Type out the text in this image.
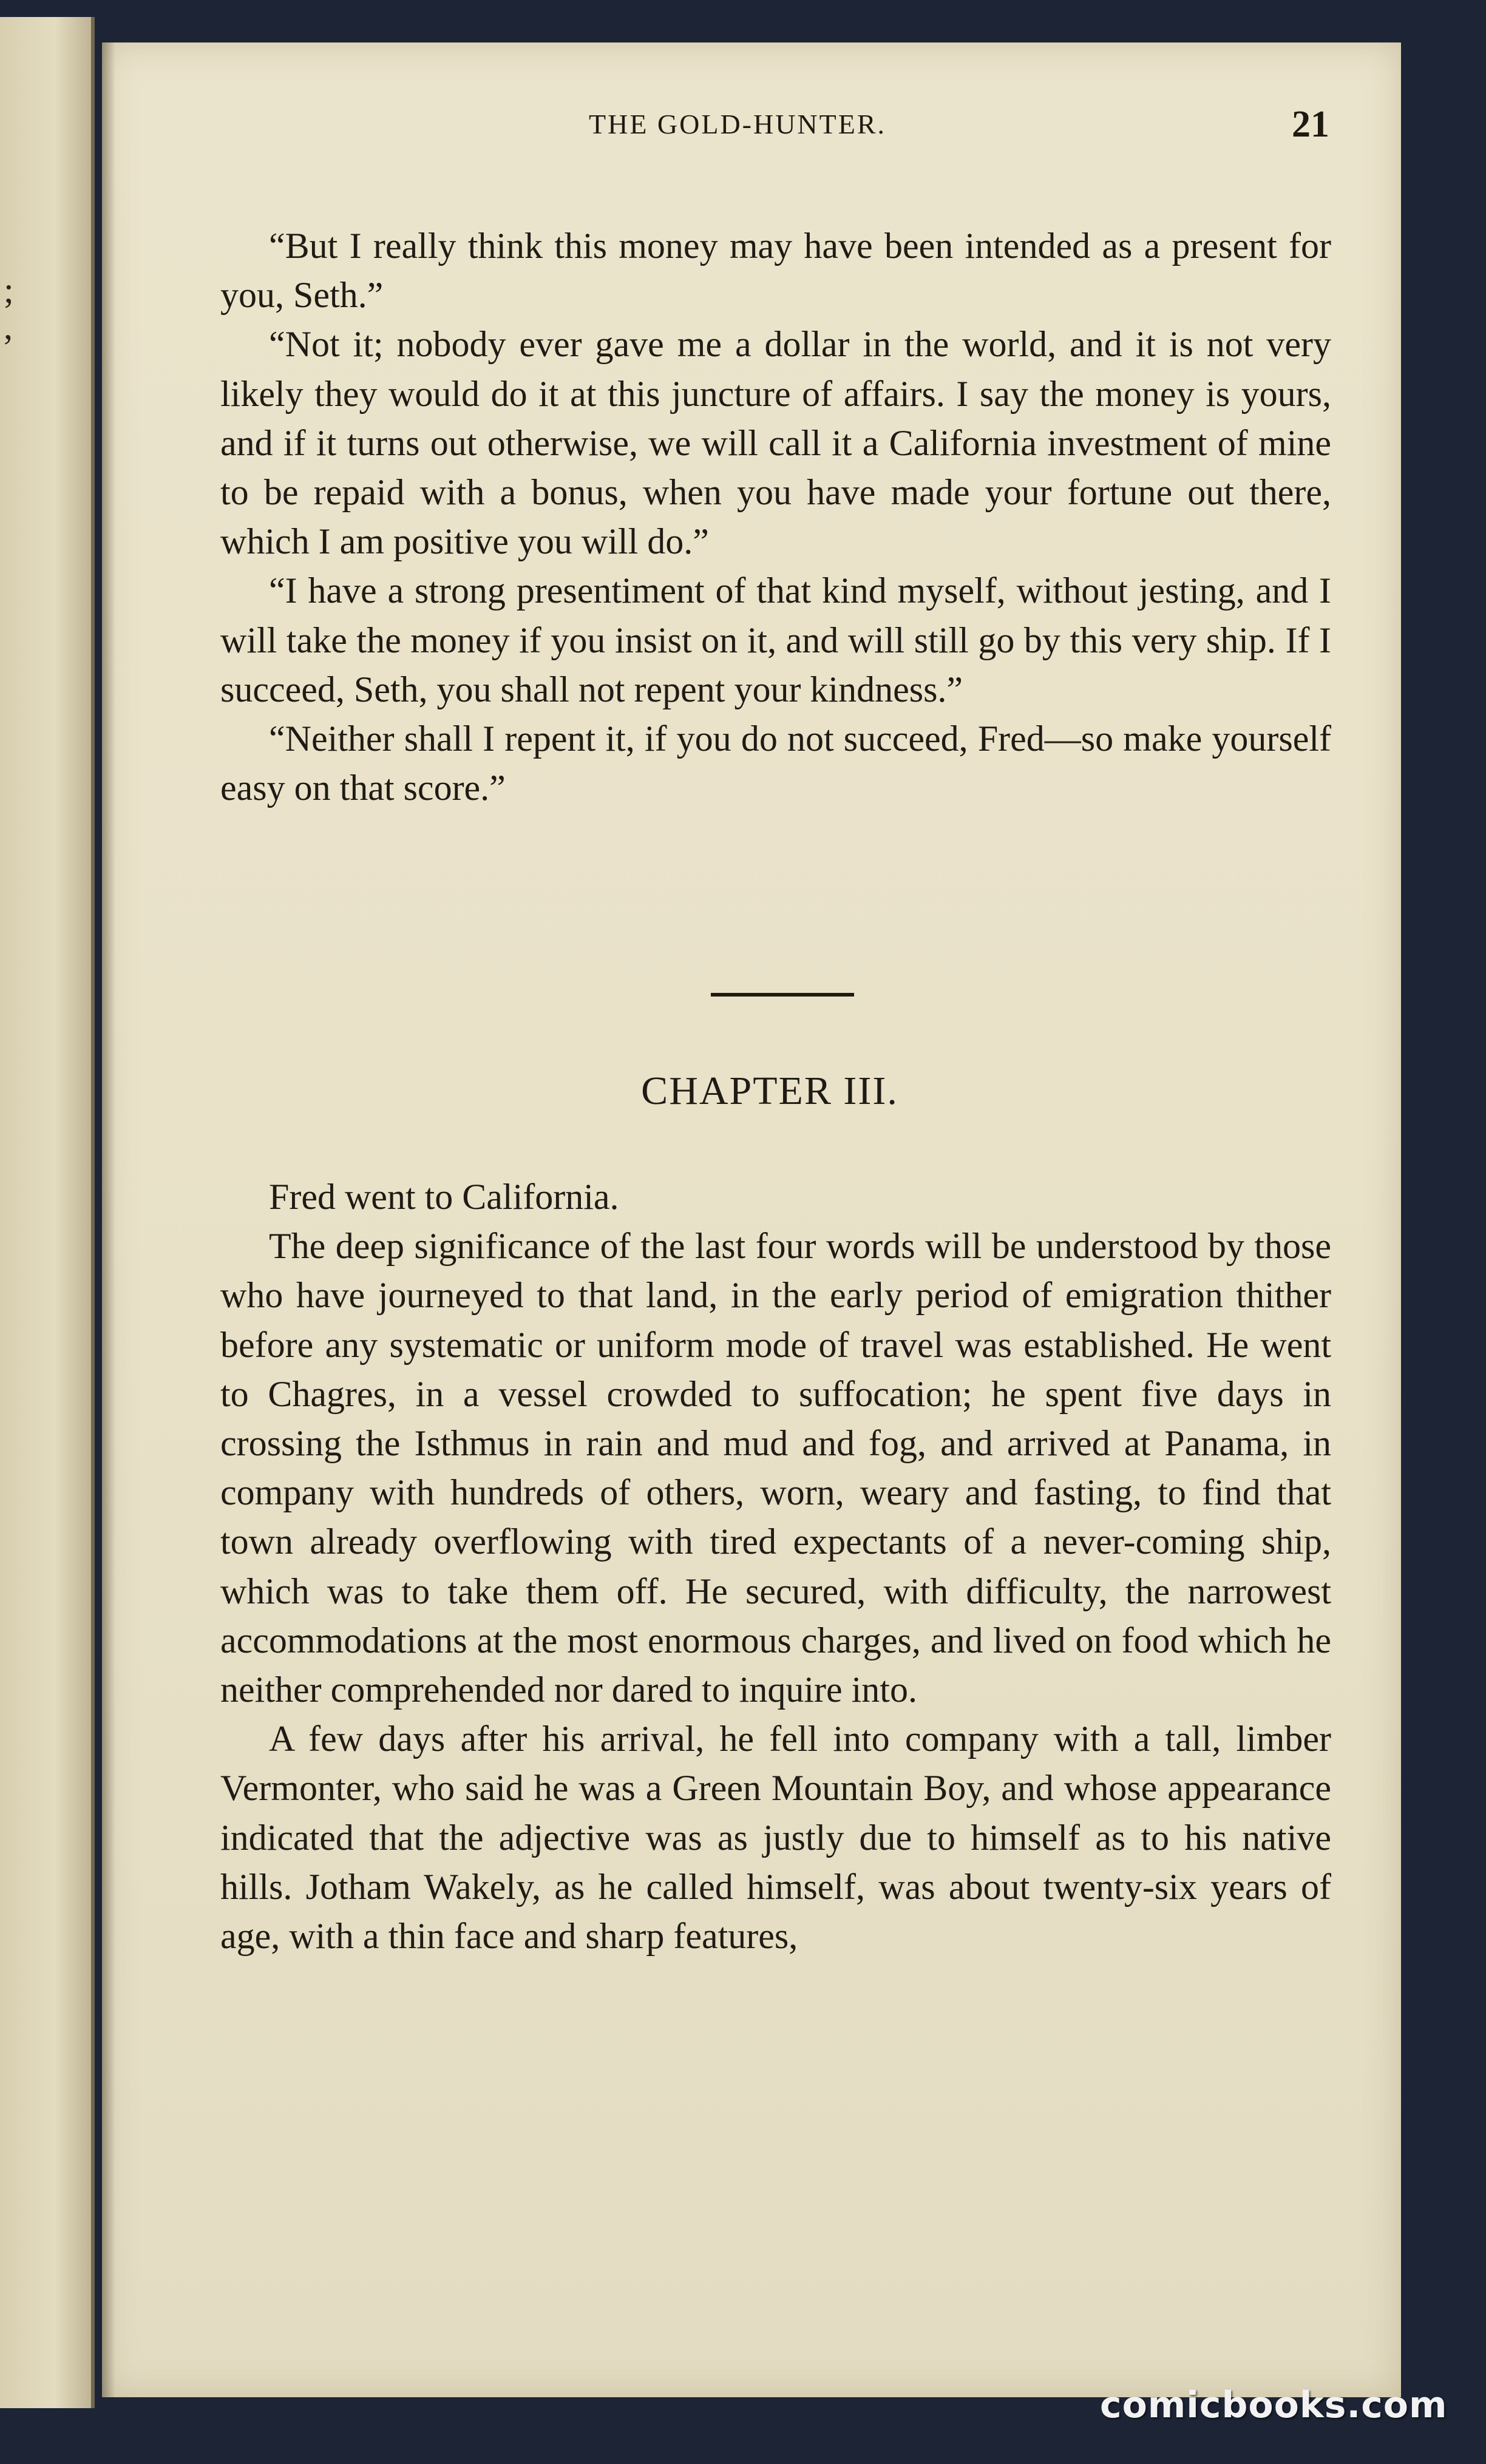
;
,
THE GOLD-HUNTER.	21

“But I really think this money may have been intended as a present for you, Seth.”

“Not it; nobody ever gave me a dollar in the world, and it is not very likely they would do it at this juncture of affairs. I say the money is yours, and if it turns out otherwise, we will call it a California investment of mine to be repaid with a bonus, when you have made your fortune out there, which I am positive you will do.”

“I have a strong presentiment of that kind myself, without jesting, and I will take the money if you insist on it, and will still go by this very ship. If I succeed, Seth, you shall not repent your kindness.”

“Neither shall I repent it, if you do not succeed, Fred—so make yourself easy on that score.”

CHAPTER III.

Fred went to California.

The deep significance of the last four words will be understood by those who have journeyed to that land, in the early period of emigration thither before any systematic or uniform mode of travel was established. He went to Chagres, in a vessel crowded to suffocation; he spent five days in crossing the Isthmus in rain and mud and fog, and arrived at Panama, in company with hundreds of others, worn, weary and fasting, to find that town already overflowing with tired expectants of a never-coming ship, which was to take them off. He secured, with difficulty, the narrowest accommodations at the most enormous charges, and lived on food which he neither comprehended nor dared to inquire into.

A few days after his arrival, he fell into company with a tall, limber Vermonter, who said he was a Green Mountain Boy, and whose appearance indicated that the adjective was as justly due to himself as to his native hills. Jotham Wakely, as he called himself, was about twenty-six years of age, with a thin face and sharp features,

comicbooks.com
